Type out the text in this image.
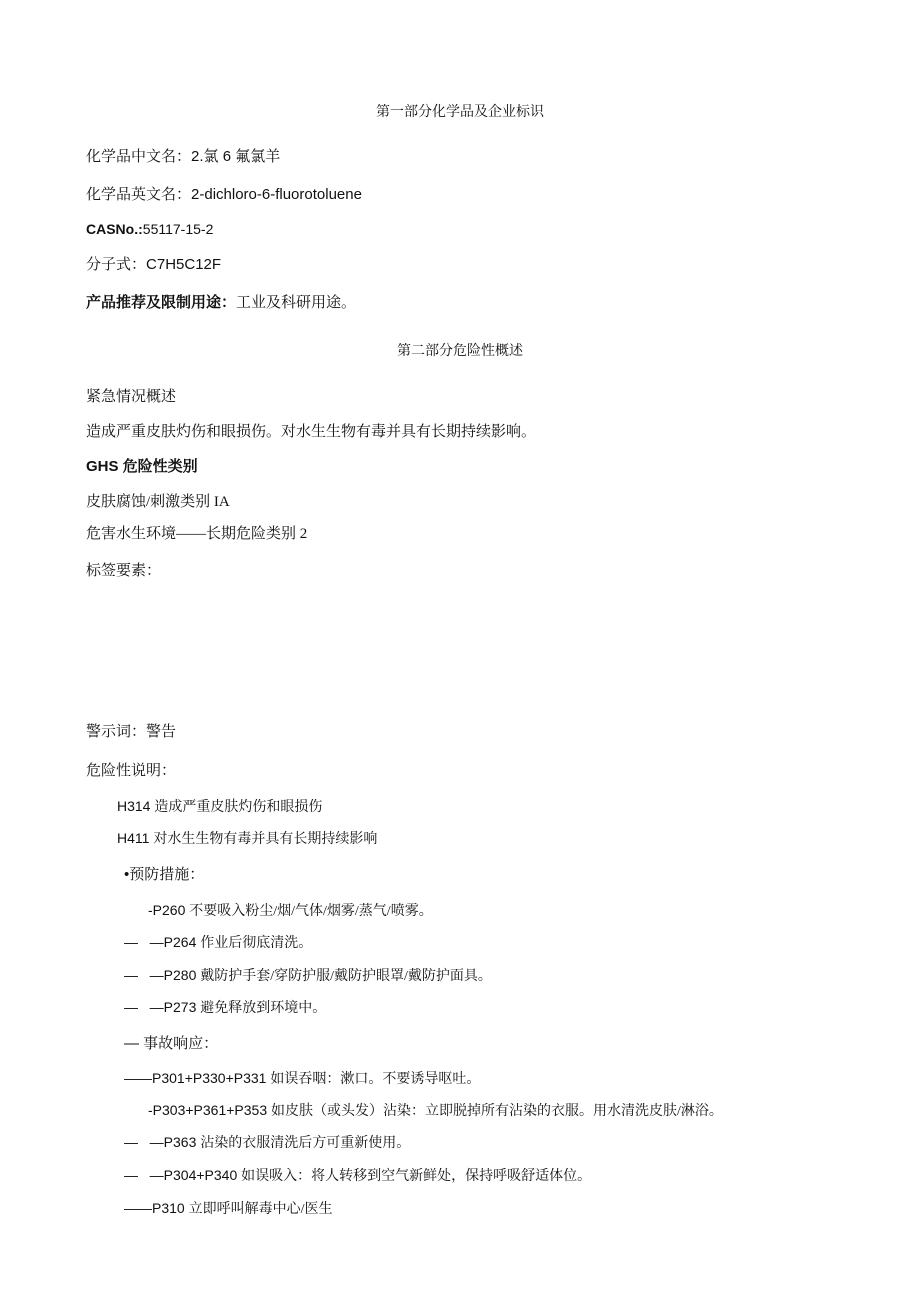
第一部分化学品及企业标识
化学品中文名：2.氯 6 氟氯羊
化学品英文名：2-dichloro-6-fluorotoluene
CASNo.:55117-15-2
分子式：C7H5C12F
产品推荐及限制用途：工业及科研用途。
第二部分危险性概述
紧急情况概述
造成严重皮肤灼伤和眼损伤。对水生生物有毒并具有长期持续影响。
GHS 危险性类别
皮肤腐蚀/刺激类别 IA
危害水生环境——长期危险类别 2
标签要素：
警示词：警告
危险性说明：
H314 造成严重皮肤灼伤和眼损伤
H411 对水生生物有毒并具有长期持续影响
•预防措施：
-P260 不要吸入粉尘/烟/气体/烟雾/蒸气/喷雾。
— —P264 作业后彻底清洗。
— —P280 戴防护手套/穿防护服/戴防护眼罩/戴防护面具。
— —P273 避免释放到环境中。
— 事故响应：
——P301+P330+P331 如误吞咽：漱口。不要诱导呕吐。
-P303+P361+P353 如皮肤（或头发）沾染：立即脱掉所有沾染的衣服。用水清洗皮肤/淋浴。
— —P363 沾染的衣服清洗后方可重新使用。
— —P304+P340 如误吸入：将人转移到空气新鲜处，保持呼吸舒适体位。
——P310 立即呼叫解毒中心/医生
